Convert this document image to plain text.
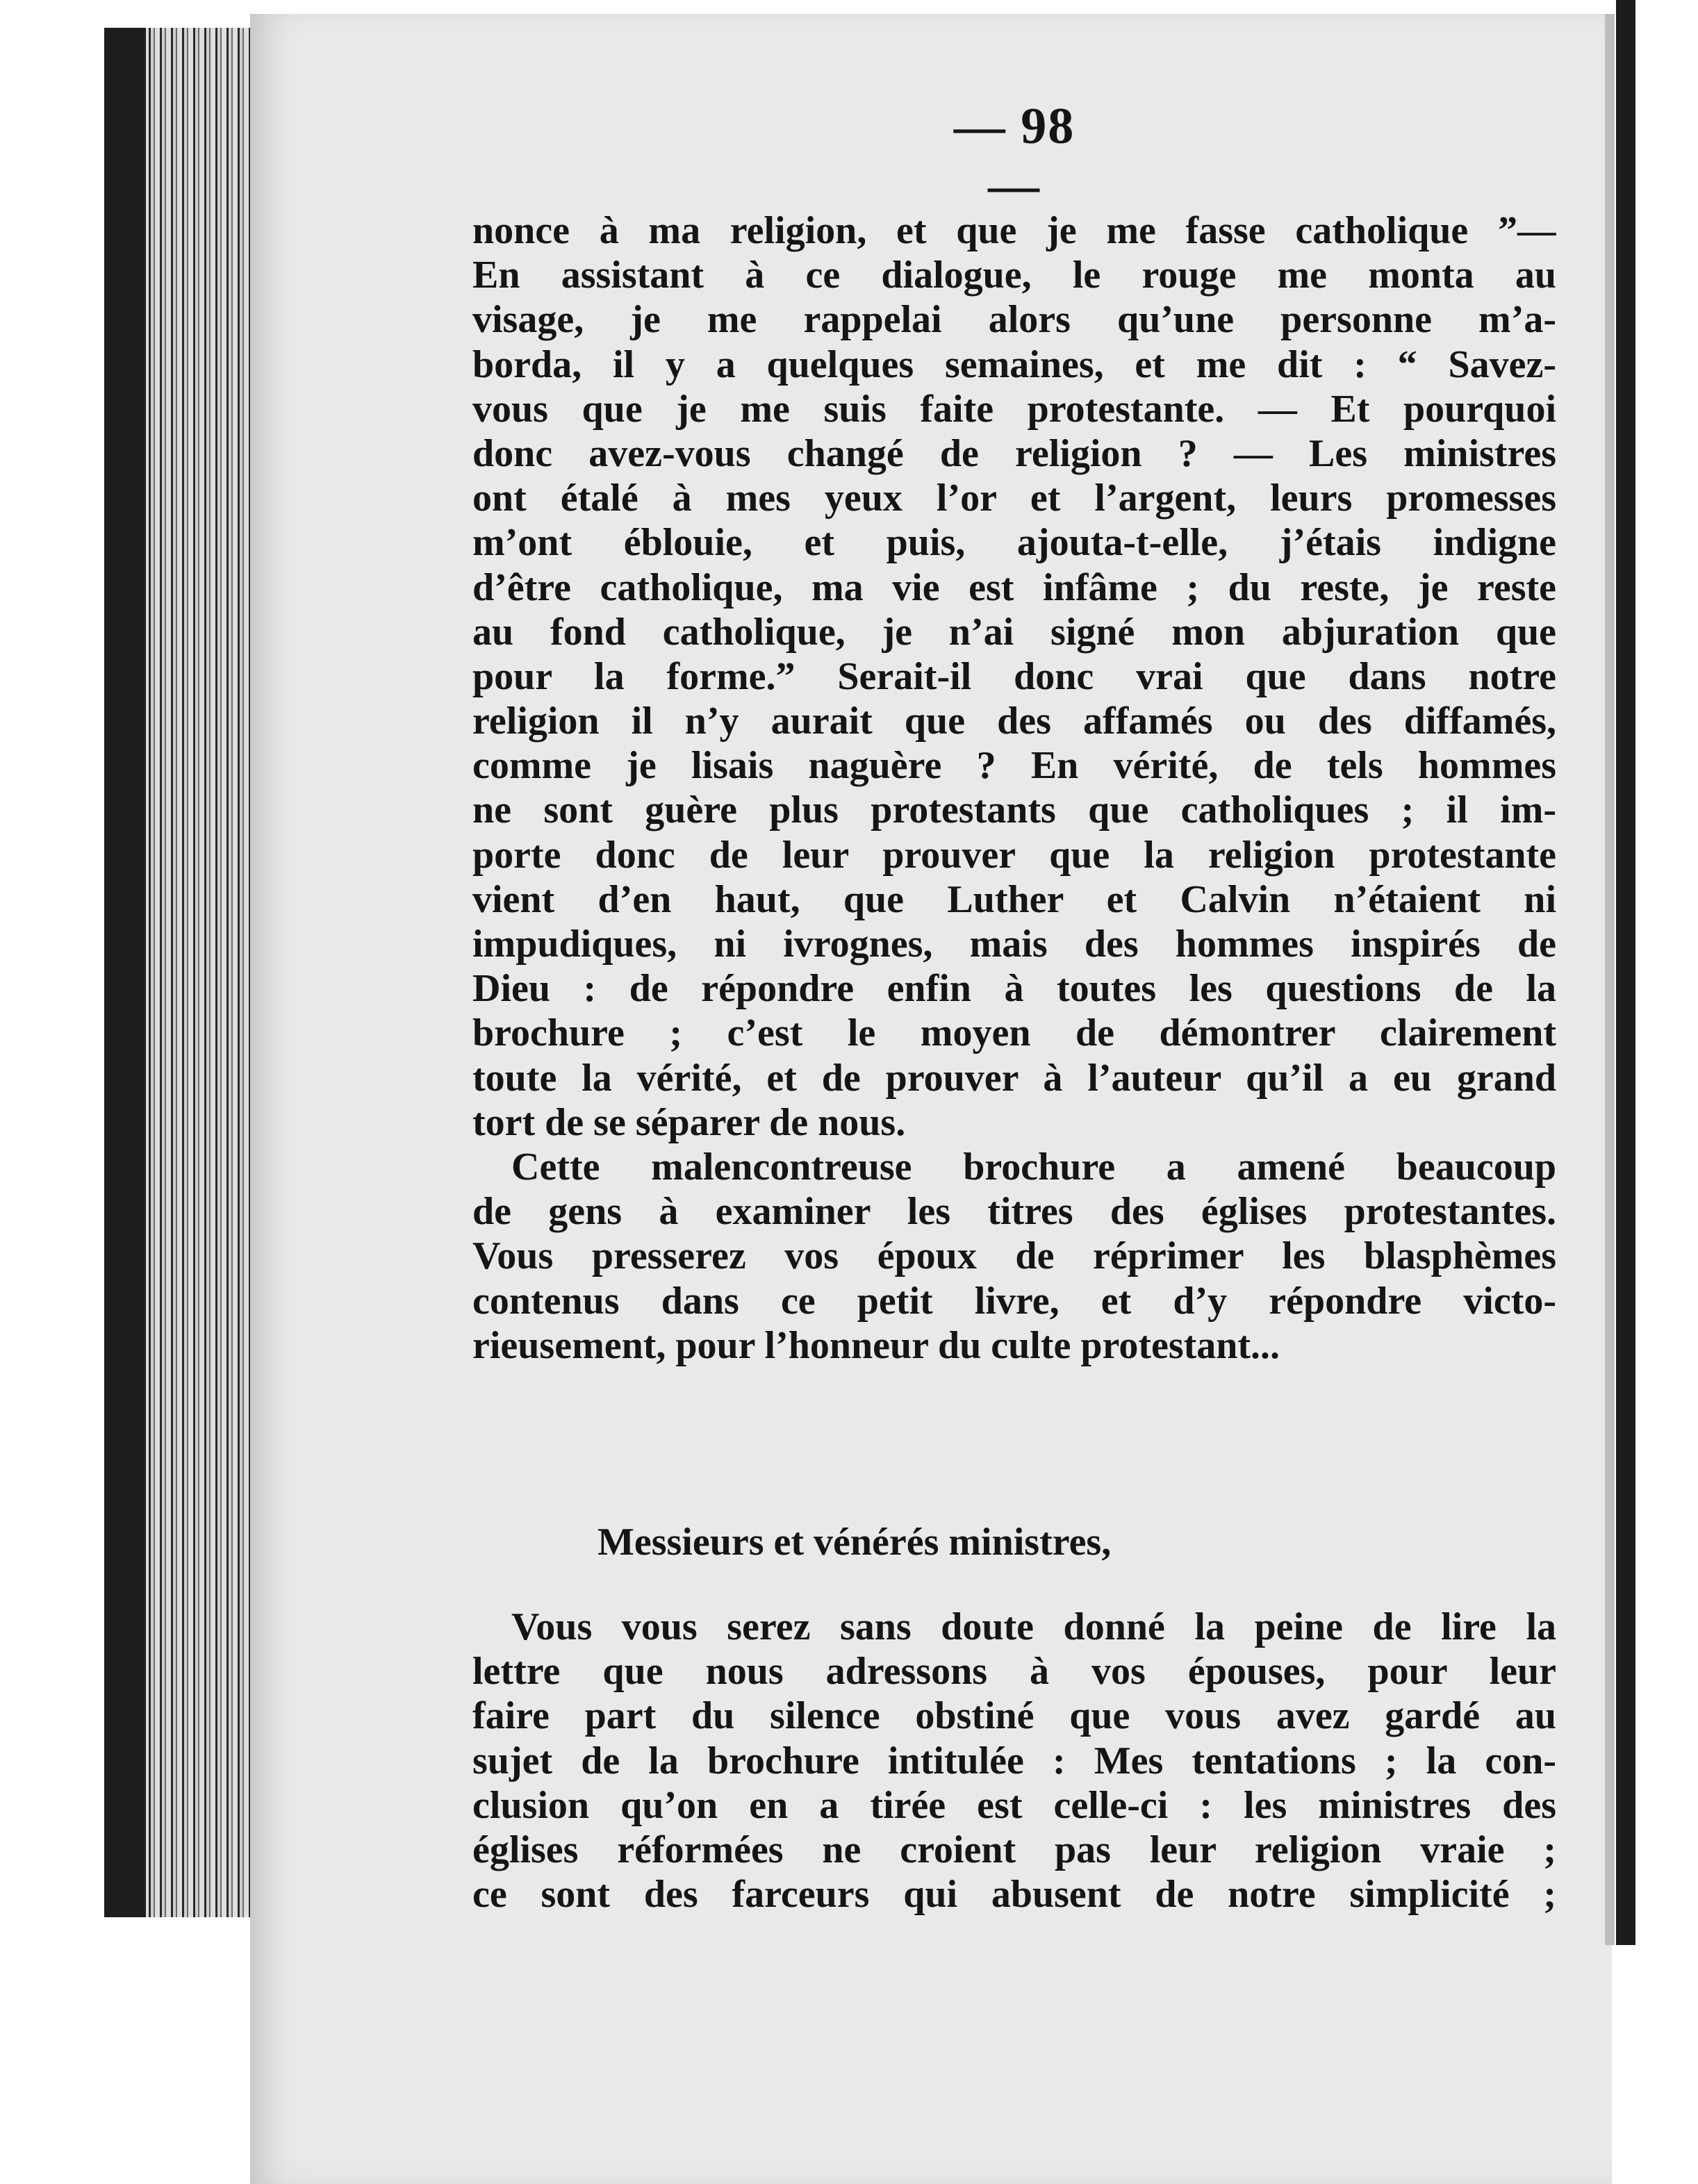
— 98 —
nonce à ma religion, et que je me fasse catholique ”—
En assistant à ce dialogue, le rouge me monta au
visage, je me rappelai alors qu’une personne m’a-
borda, il y a quelques semaines, et me dit : “ Savez-
vous que je me suis faite protestante. — Et pourquoi
donc avez-vous changé de religion ? — Les ministres
ont étalé à mes yeux l’or et l’argent, leurs promesses
m’ont éblouie, et puis, ajouta-t-elle, j’étais indigne
d’être catholique, ma vie est infâme ; du reste, je reste
au fond catholique, je n’ai signé mon abjuration que
pour la forme.” Serait-il donc vrai que dans notre
religion il n’y aurait que des affamés ou des diffamés,
comme je lisais naguère ? En vérité, de tels hommes
ne sont guère plus protestants que catholiques ; il im-
porte donc de leur prouver que la religion protestante
vient d’en haut, que Luther et Calvin n’étaient ni
impudiques, ni ivrognes, mais des hommes inspirés de
Dieu : de répondre enfin à toutes les questions de la
brochure ; c’est le moyen de démontrer clairement
toute la vérité, et de prouver à l’auteur qu’il a eu grand
tort de se séparer de nous.
Cette malencontreuse brochure a amené beaucoup
de gens à examiner les titres des églises protestantes.
Vous presserez vos époux de réprimer les blasphèmes
contenus dans ce petit livre, et d’y répondre victo-
rieusement, pour l’honneur du culte protestant...
Messieurs et vénérés ministres,
Vous vous serez sans doute donné la peine de lire la
lettre que nous adressons à vos épouses, pour leur
faire part du silence obstiné que vous avez gardé au
sujet de la brochure intitulée : Mes tentations ; la con-
clusion qu’on en a tirée est celle-ci : les ministres des
églises réformées ne croient pas leur religion vraie ;
ce sont des farceurs qui abusent de notre simplicité ;
